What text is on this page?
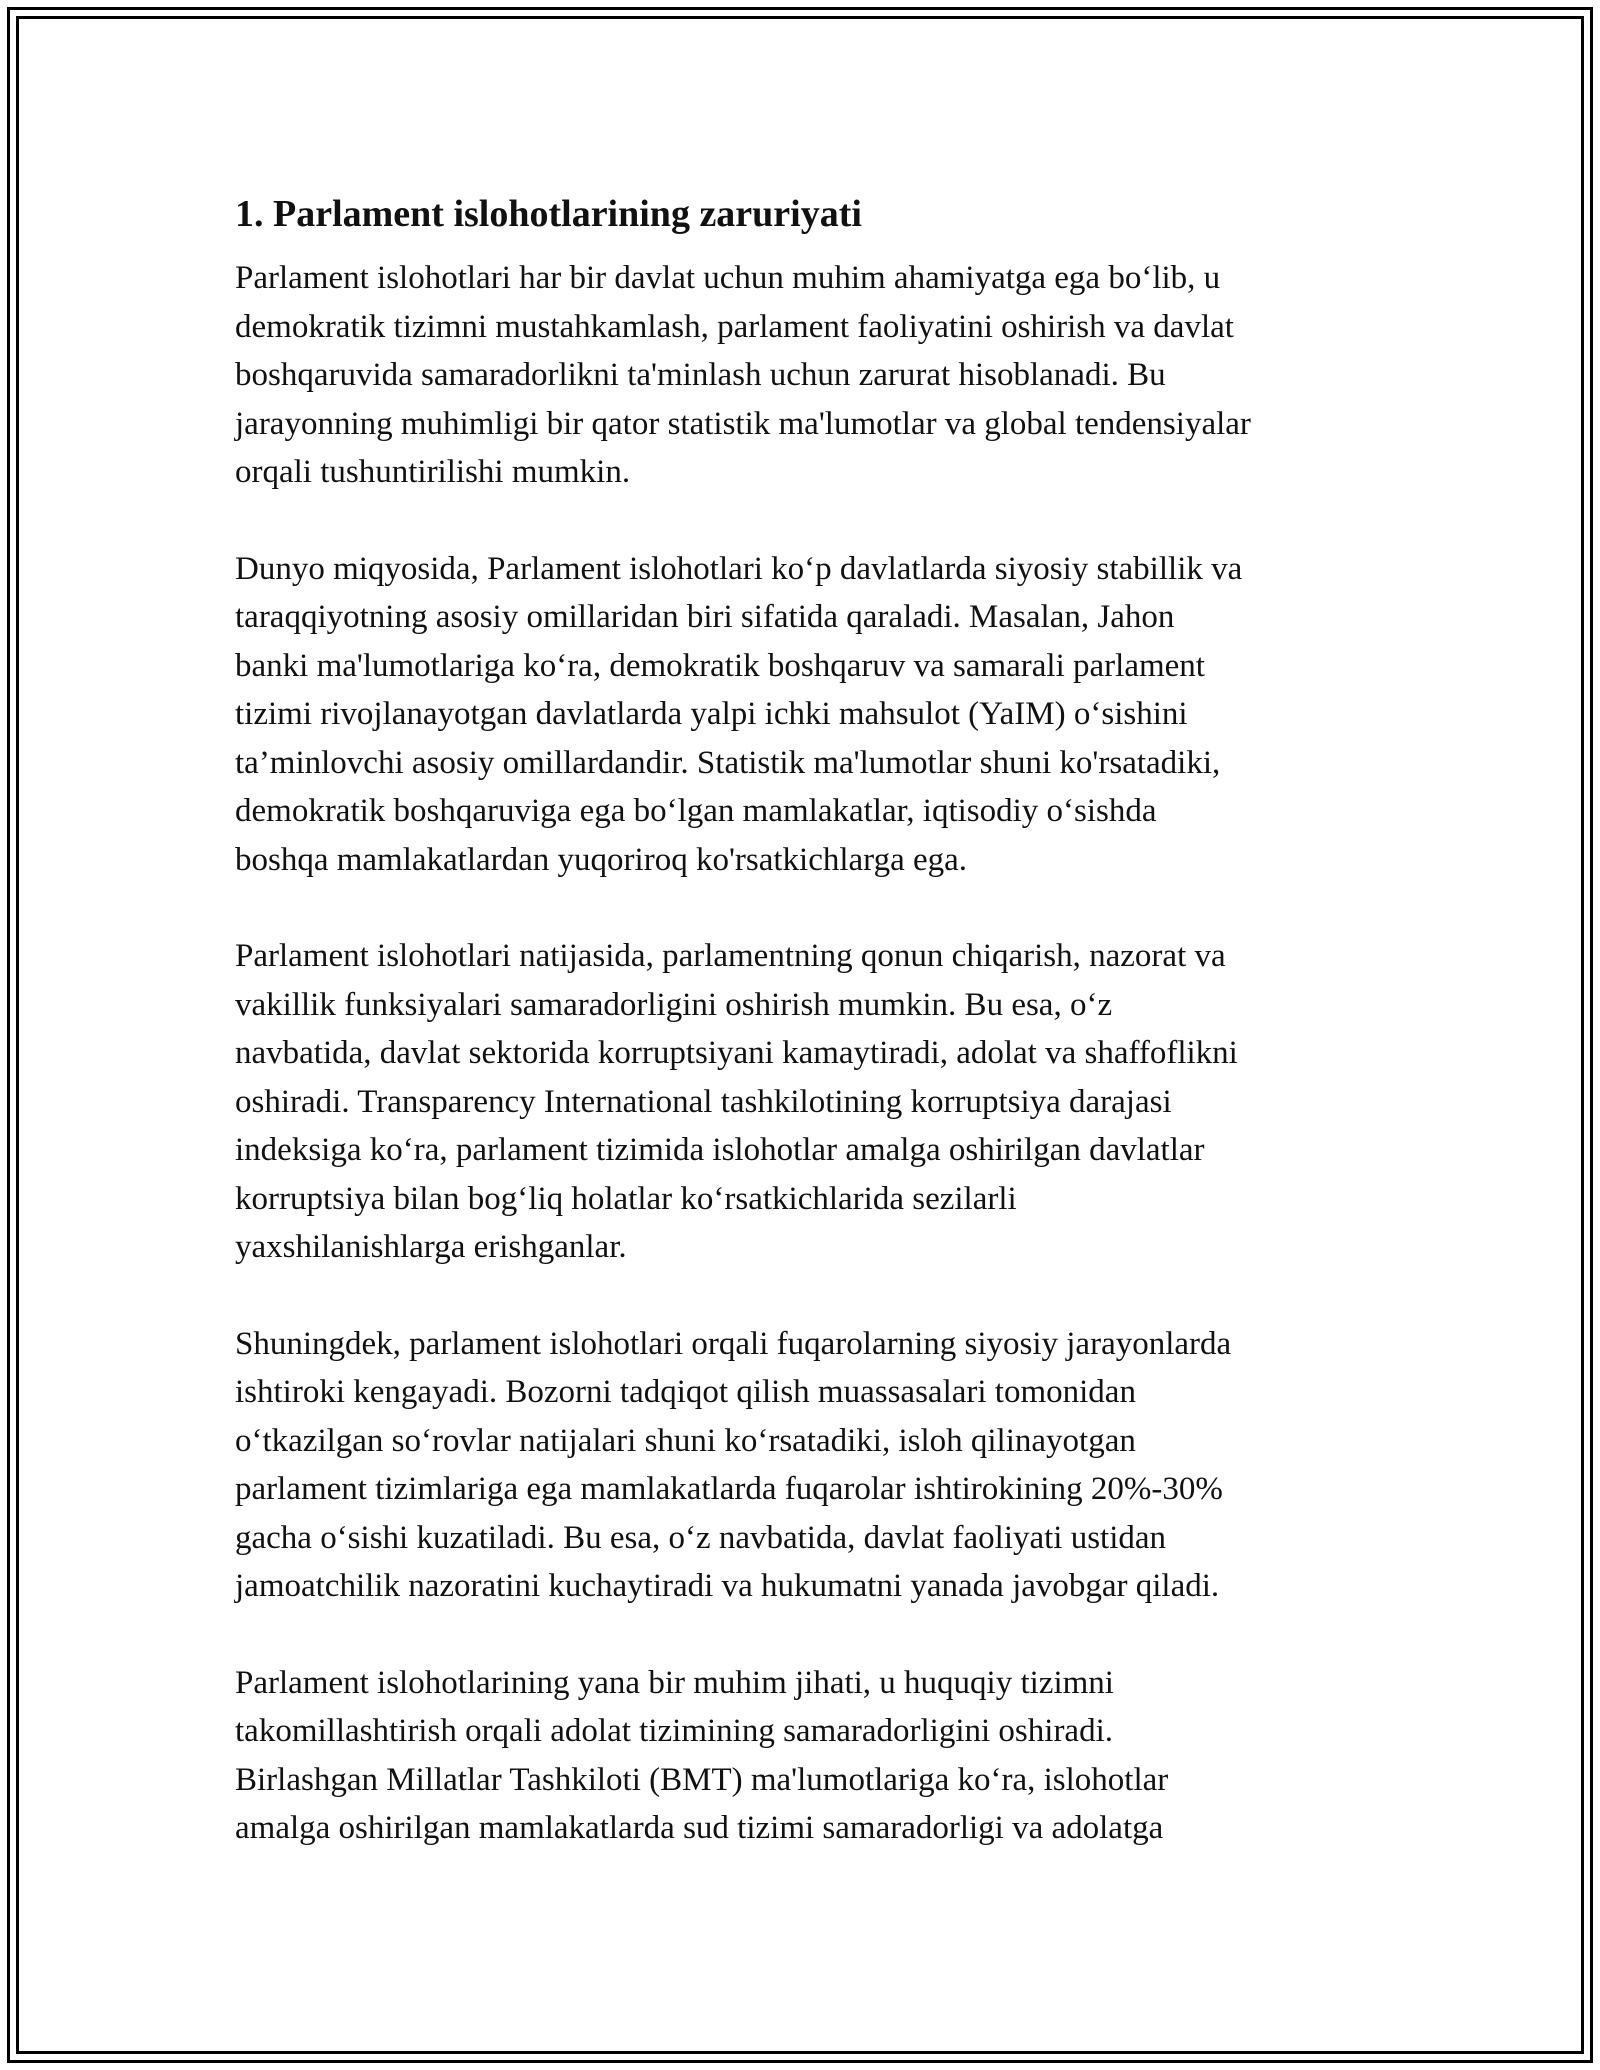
1. Parlament islohotlarining zaruriyati
Parlament islohotlari har bir davlat uchun muhim ahamiyatga ega bo‘lib, u
demokratik tizimni mustahkamlash, parlament faoliyatini oshirish va davlat
boshqaruvida samaradorlikni ta'minlash uchun zarurat hisoblanadi. Bu
jarayonning muhimligi bir qator statistik ma'lumotlar va global tendensiyalar
orqali tushuntirilishi mumkin.
Dunyo miqyosida, Parlament islohotlari ko‘p davlatlarda siyosiy stabillik va
taraqqiyotning asosiy omillaridan biri sifatida qaraladi. Masalan, Jahon
banki ma'lumotlariga ko‘ra, demokratik boshqaruv va samarali parlament
tizimi rivojlanayotgan davlatlarda yalpi ichki mahsulot (YaIM) o‘sishini
ta’minlovchi asosiy omillardandir. Statistik ma'lumotlar shuni ko'rsatadiki,
demokratik boshqaruviga ega bo‘lgan mamlakatlar, iqtisodiy o‘sishda
boshqa mamlakatlardan yuqoriroq ko'rsatkichlarga ega.
Parlament islohotlari natijasida, parlamentning qonun chiqarish, nazorat va
vakillik funksiyalari samaradorligini oshirish mumkin. Bu esa, o‘z
navbatida, davlat sektorida korruptsiyani kamaytiradi, adolat va shaffoflikni
oshiradi. Transparency International tashkilotining korruptsiya darajasi
indeksiga ko‘ra, parlament tizimida islohotlar amalga oshirilgan davlatlar
korruptsiya bilan bog‘liq holatlar ko‘rsatkichlarida sezilarli
yaxshilanishlarga erishganlar.
Shuningdek, parlament islohotlari orqali fuqarolarning siyosiy jarayonlarda
ishtiroki kengayadi. Bozorni tadqiqot qilish muassasalari tomonidan
o‘tkazilgan so‘rovlar natijalari shuni ko‘rsatadiki, isloh qilinayotgan
parlament tizimlariga ega mamlakatlarda fuqarolar ishtirokining 20%-30%
gacha o‘sishi kuzatiladi. Bu esa, o‘z navbatida, davlat faoliyati ustidan
jamoatchilik nazoratini kuchaytiradi va hukumatni yanada javobgar qiladi.
Parlament islohotlarining yana bir muhim jihati, u huquqiy tizimni
takomillashtirish orqali adolat tizimining samaradorligini oshiradi.
Birlashgan Millatlar Tashkiloti (BMT) ma'lumotlariga ko‘ra, islohotlar
amalga oshirilgan mamlakatlarda sud tizimi samaradorligi va adolatga
